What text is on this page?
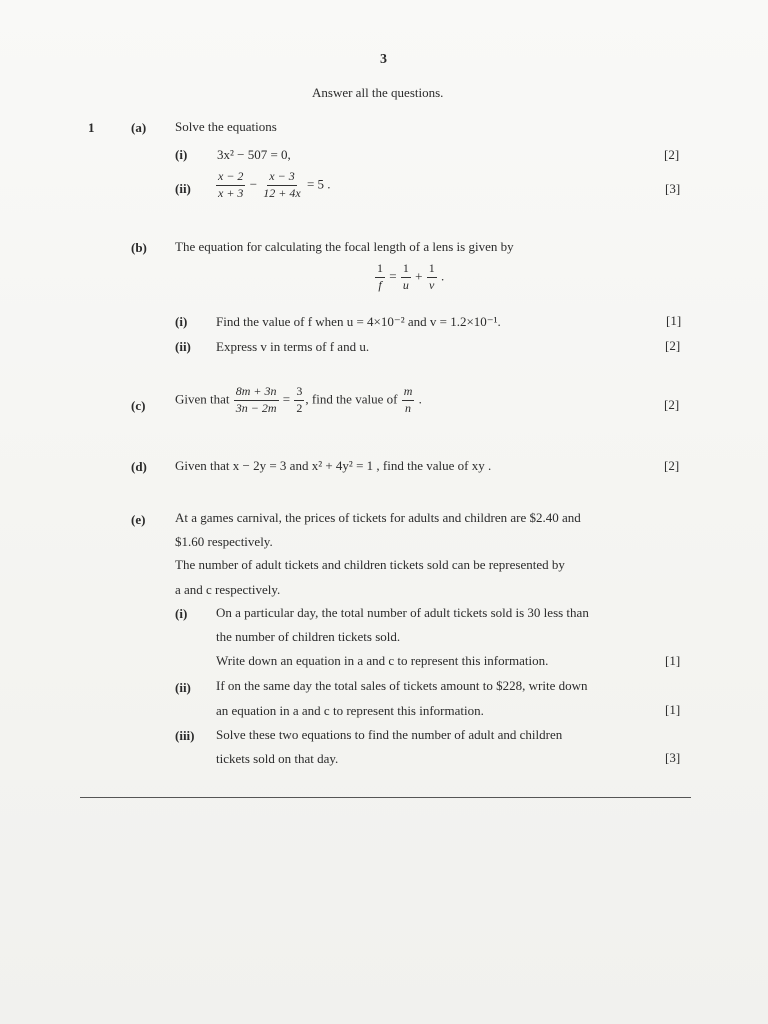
3
Answer all the questions.
1	(a) Solve the equations
(i) 3x² − 507 = 0,	[2]
$(ii) \frac{x - 2}{x + 3} - \frac{x - 3}{12 + 4x} = 5$ .	[3]
(b) The equation for calculating the focal length of a lens is given by
$\frac{1}{f} = \frac{1}{u} + \frac{1}{v}$ .
(i) Find the value of f when u = 4×10⁻² and v = 1.2×10⁻¹.	[1]
(ii) Express v in terms of f and u.	[2]
(c) Given that $\frac{8m + 3n}{3n - 2m} = \frac{3}{2}$ , find the value of $\frac{m}{n}$ .	[2]
(d) Given that x − 2y = 3 and x² + 4y² = 1 , find the value of xy .	[2]
(e) At a games carnival, the prices of tickets for adults and children are $2.40 and
$1.60 respectively.
The number of adult tickets and children tickets sold can be represented by
a and c respectively.
(i) On a particular day, the total number of adult tickets sold is 30 less than
the number of children tickets sold.
Write down an equation in a and c to represent this information.	[1]
(ii) If on the same day the total sales of tickets amount to $228, write down
an equation in a and c to represent this information.	[1]
(iii) Solve these two equations to find the number of adult and children
tickets sold on that day.	[3]
